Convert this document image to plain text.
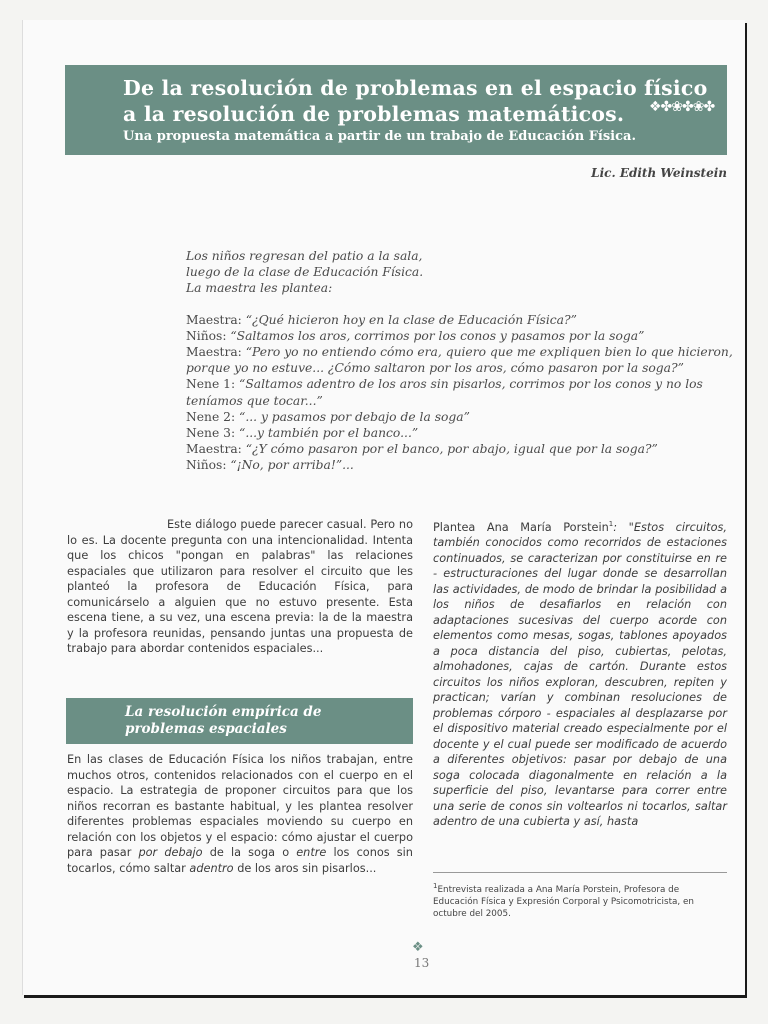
De la resolución de problemas en el espacio físico
a la resolución de problemas matemáticos.	❖✤❀✤❀✤
Una propuesta matemática a partir de un trabajo de Educación Física.
Lic. Edith Weinstein

Los niños regresan del patio a la sala,

luego de la clase de Educación Física.

La maestra les plantea:

Maestra: “¿Qué hicieron hoy en la clase de Educación Física?”

Niños: “Saltamos los aros, corrimos por los conos y pasamos por la soga”

Maestra: “Pero yo no entiendo cómo era, quiero que me expliquen bien lo que hicieron, porque yo no estuve... ¿Cómo saltaron por los aros, cómo pasaron por la soga?”

Nene 1: “Saltamos adentro de los aros sin pisarlos, corrimos por los conos y no los teníamos que tocar...”

Nene 2: “... y pasamos por debajo de la soga”

Nene 3: “...y también por el banco...”

Maestra: “¿Y cómo pasaron por el banco, por abajo, igual que por la soga?”

Niños: “¡No, por arriba!”...

Este diálogo puede parecer casual. Pero no lo es. La docente pregunta con una intencionalidad. Intenta que los chicos "pongan en palabras" las relaciones espaciales que utilizaron para resolver el circuito que les planteó la profesora de Educación Física, para comunicárselo a alguien que no estuvo presente. Esta escena tiene, a su vez, una escena previa: la de la maestra y la profesora reunidas, pensando juntas una propuesta de trabajo para abordar contenidos espaciales...

La resolución empírica de
problemas espaciales

En las clases de Educación Física los niños trabajan, entre muchos otros, contenidos relacionados con el cuerpo en el espacio. La estrategia de proponer circuitos para que los niños recorran es bastante habitual, y les plantea resolver diferentes problemas espaciales moviendo su cuerpo en relación con los objetos y el espacio: cómo ajustar el cuerpo para pasar por debajo de la soga o entre los conos sin tocarlos, cómo saltar adentro de los aros sin pisarlos...

Plantea Ana María Porstein$^1$: "Estos circuitos, también conocidos como recorridos de estaciones continuados, se caracterizan por constituirse en re - estructuraciones del lugar donde se desarrollan las actividades, de modo de brindar la posibilidad a los niños de desafiarlos en relación con adaptaciones sucesivas del cuerpo acorde con elementos como mesas, sogas, tablones apoyados a poca distancia del piso, cubiertas, pelotas, almohadones, cajas de cartón. Durante estos circuitos los niños exploran, descubren, repiten y practican; varían y combinan resoluciones de problemas córporo - espaciales al desplazarse por el dispositivo material creado especialmente por el docente y el cual puede ser modificado de acuerdo a diferentes objetivos: pasar por debajo de una soga colocada diagonalmente en relación a la superficie del piso, levantarse para correr entre una serie de conos sin voltearlos ni tocarlos, saltar adentro de una cubierta y así, hasta

$^1$Entrevista realizada a Ana María Porstein, Profesora de Educación Física y Expresión Corporal y Psicomotricista, en octubre del 2005.
❖
13
